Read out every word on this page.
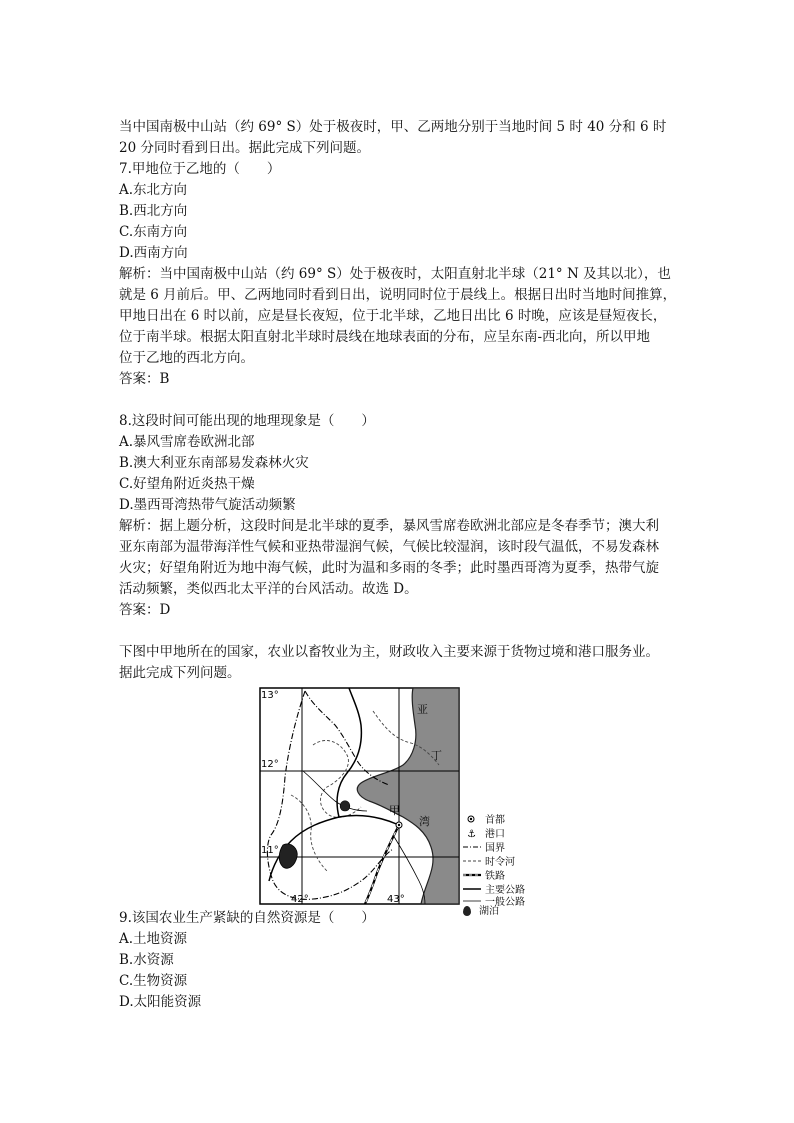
当中国南极中山站（约 69° S）处于极夜时，甲、乙两地分别于当地时间 5 时 40 分和 6 时

20 分同时看到日出。据此完成下列问题。

7.甲地位于乙地的（　　）

A.东北方向

B.西北方向

C.东南方向

D.西南方向

解析：当中国南极中山站（约 69° S）处于极夜时，太阳直射北半球（21° N 及其以北），也

就是 6 月前后。甲、乙两地同时看到日出，说明同时位于晨线上。根据日出时当地时间推算，

甲地日出在 6 时以前，应是昼长夜短，位于北半球，乙地日出比 6 时晚，应该是昼短夜长，

位于南半球。根据太阳直射北半球时晨线在地球表面的分布，应呈东南-西北向，所以甲地

位于乙地的西北方向。

答案：B

8.这段时间可能出现的地理现象是（　　）

A.暴风雪席卷欧洲北部

B.澳大利亚东南部易发森林火灾

C.好望角附近炎热干燥

D.墨西哥湾热带气旋活动频繁

解析：据上题分析，这段时间是北半球的夏季，暴风雪席卷欧洲北部应是冬春季节；澳大利

亚东南部为温带海洋性气候和亚热带湿润气候，气候比较湿润，该时段气温低，不易发森林

火灾；好望角附近为地中海气候，此时为温和多雨的冬季；此时墨西哥湾为夏季，热带气旋

活动频繁，类似西北太平洋的台风活动。故选 D。

答案：D

下图中甲地所在的国家，农业以畜牧业为主，财政收入主要来源于货物过境和港口服务业。

据此完成下列问题。

甲
亚
丁
湾
13°
12°
11°
42°	43°
首都
⚓ 港口
国界
时令河
铁路
主要公路
一般公路
湖泊

9.该国农业生产紧缺的自然资源是（　　）

A.土地资源

B.水资源

C.生物资源

D.太阳能资源
